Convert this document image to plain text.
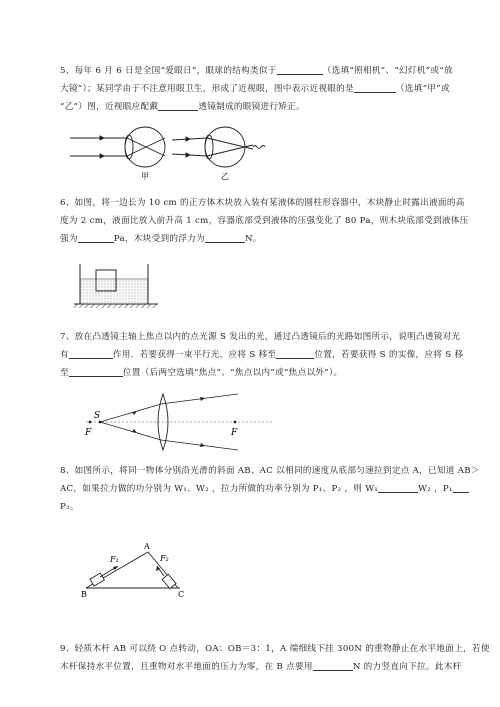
5、每年 6 月 6 日是全国“爱眼日”，眼球的结构类似于	（选填“照相机”、“幻灯机”或“放
大镜”）；某同学由于不注意用眼卫生，形成了近视眼，图中表示近视眼的是	（选填“甲”或
“乙”）图，近视眼应配戴	透镜制成的眼镜进行矫正。
甲	乙
6、如图，将一边长为 10 cm 的正方体木块放入装有某液体的圆柱形容器中，木块静止时露出液面的高
度为 2 cm，液面比放入前升高 1 cm，容器底部受到液体的压强变化了 80 Pa，则木块底部受到液体压
强为	Pa，木块受到的浮力为	N。
7、放在凸透镜主轴上焦点以内的点光源 S 发出的光，通过凸透镜后的光路如图所示，说明凸透镜对光
有	作用．若要获得一束平行光，应将 S 移至	位置，若要获得 S 的实像，应将 S 移
至	位置（后两空选填“焦点”、“焦点以内”或“焦点以外”）。
S
F	F
8、如图所示，将同一物体分别沿光滑的斜面 AB、AC 以相同的速度从底部匀速拉到定点 A，已知道 AB＞
AC，如果拉力做的功分别为 W₁、W₂ ，拉力所做的功率分别为 P₁、P₂ ，则 W₁	W₂ ，P₁
P₂。
A
B	C
F₁	F₂
9、轻质木杆 AB 可以绕 O 点转动，OA：OB＝3：1，A 端细线下挂 300N 的重物静止在水平地面上，若使
木杆保持水平位置，且重物对水平地面的压力为零，在 B 点要用	N 的力竖直向下拉。此木杆
